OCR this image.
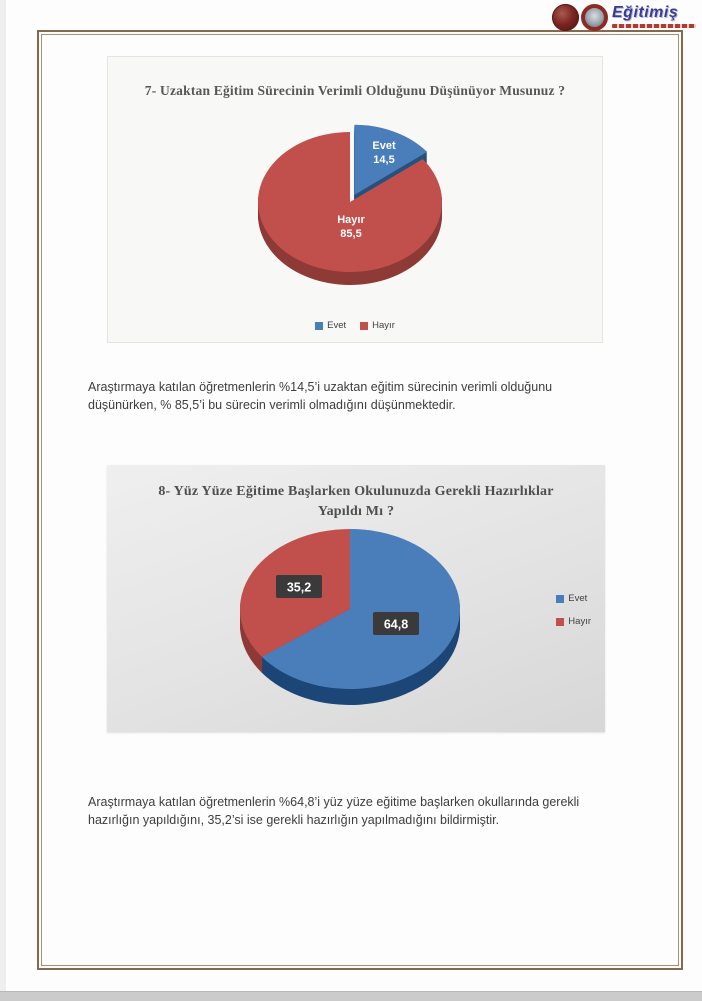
Eğitimiş
7- Uzaktan Eğitim Sürecinin Verimli Olduğunu Düşünüyor Musunuz ?
Evet
14,5
Hayır
85,5
Evet	Hayır

Araştırmaya katılan öğretmenlerin %14,5’i uzaktan eğitim sürecinin verimli olduğunu düşünürken, % 85,5’i bu sürecin verimli olmadığını düşünmektedir.

8- Yüz Yüze Eğitime Başlarken Okulunuzda Gerekli Hazırlıklar Yapıldı Mı ?
64,8
35,2
Evet
Hayır

Araştırmaya katılan öğretmenlerin %64,8’i yüz yüze eğitime başlarken okullarında gerekli hazırlığın yapıldığını, 35,2’si ise gerekli hazırlığın yapılmadığını bildirmiştir.
